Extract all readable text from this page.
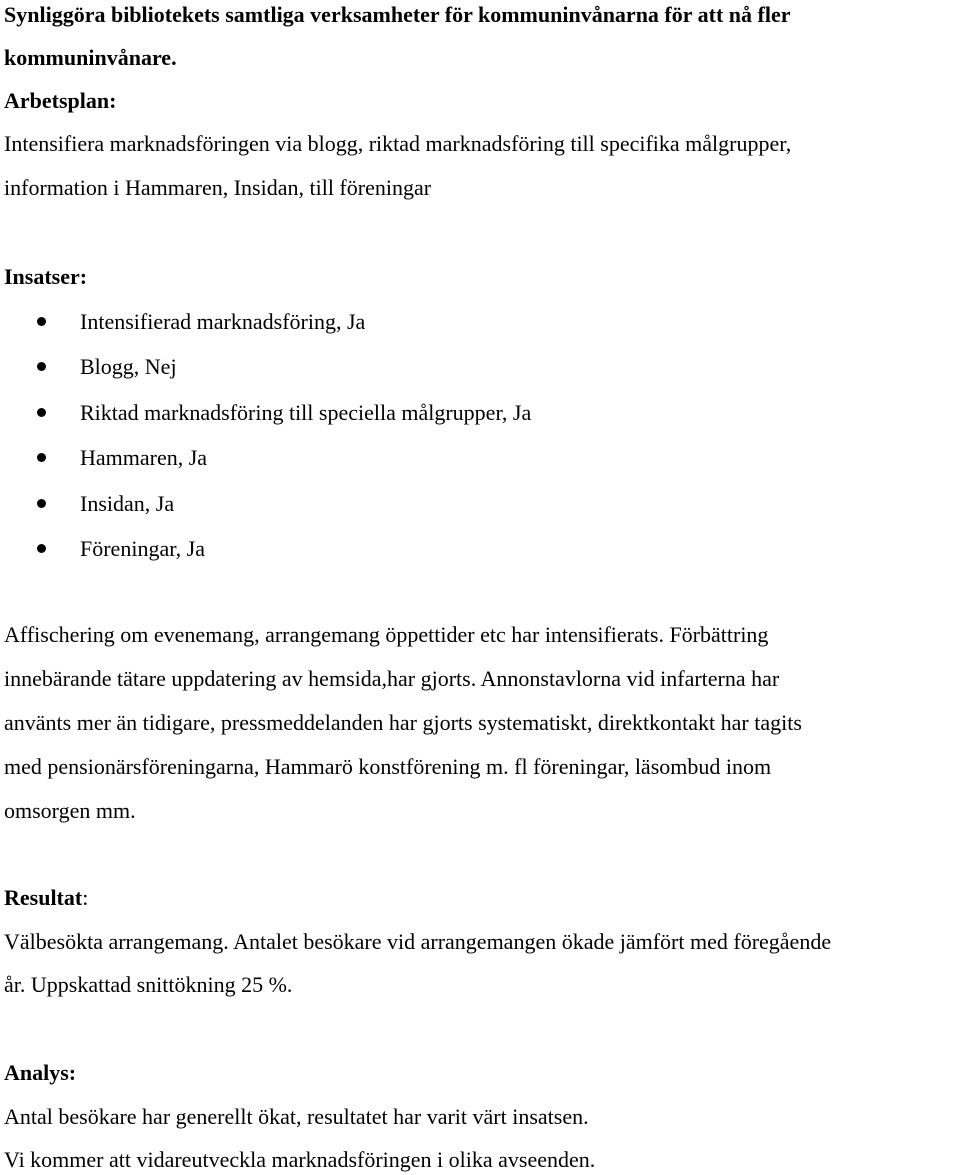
Synliggöra bibliotekets samtliga verksamheter för kommuninvånarna för att nå fler
kommuninvånare.
Arbetsplan:
Intensifiera marknadsföringen via blogg, riktad marknadsföring till specifika målgrupper,
information i Hammaren, Insidan, till föreningar
Insatser:
Intensifierad marknadsföring, Ja
Blogg, Nej
Riktad marknadsföring till speciella målgrupper, Ja
Hammaren, Ja
Insidan, Ja
Föreningar, Ja
Affischering om evenemang, arrangemang öppettider etc har intensifierats. Förbättring
innebärande tätare uppdatering av hemsida,har gjorts. Annonstavlorna vid infarterna har
använts mer än tidigare, pressmeddelanden har gjorts systematiskt, direktkontakt har tagits
med pensionärsföreningarna, Hammarö konstförening m. fl föreningar, läsombud inom
omsorgen mm.
Resultat:
Välbesökta arrangemang. Antalet besökare vid arrangemangen ökade jämfört med föregående
år. Uppskattad snittökning 25 %.
Analys:
Antal besökare har generellt ökat, resultatet har varit värt insatsen.
Vi kommer att vidareutveckla marknadsföringen i olika avseenden.
